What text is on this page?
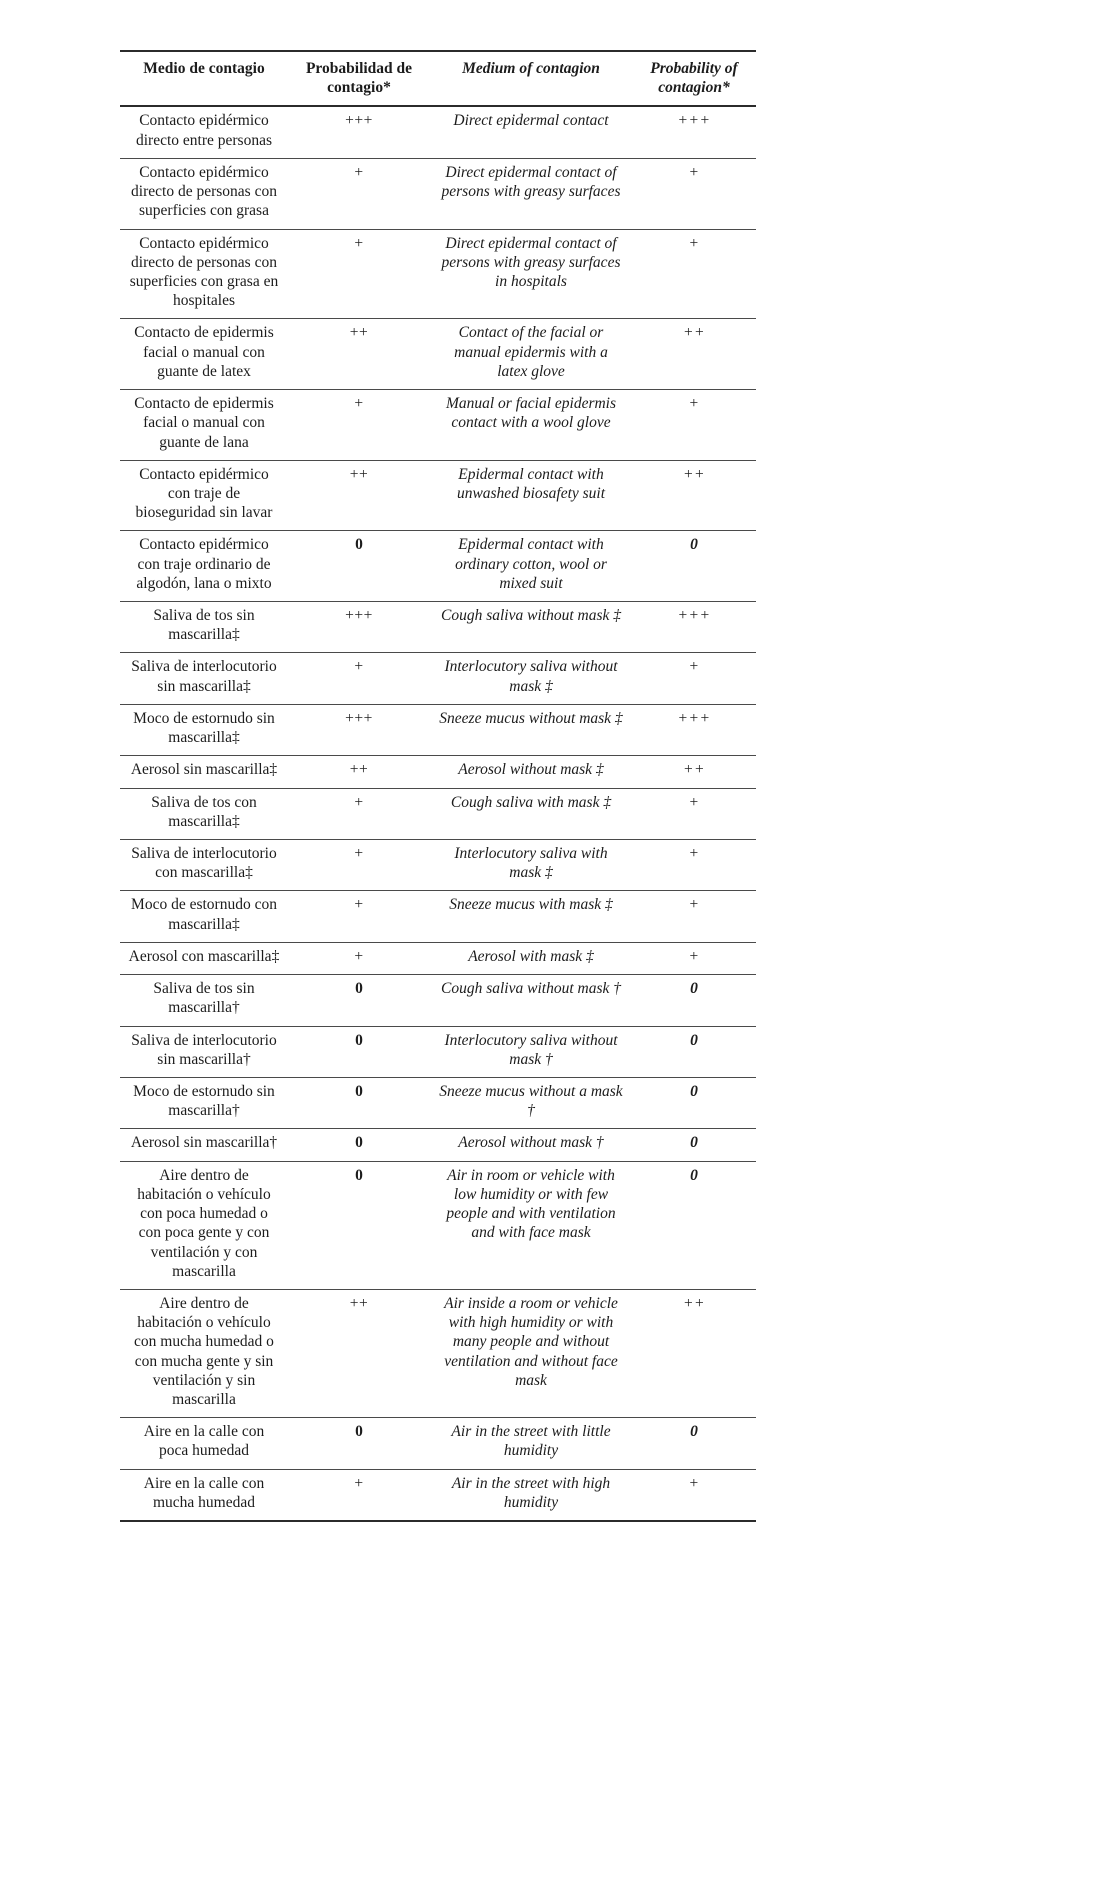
Medio de contagio	Probabilidad de contagio*	Medium of contagion	Probability of contagion*
Contacto epidérmico directo entre personas	+++	Direct epidermal contact	+++
Contacto epidérmico directo de personas con superficies con grasa	+	Direct epidermal contact of persons with greasy surfaces	+
Contacto epidérmico directo de personas con superficies con grasa en hospitales	+	Direct epidermal contact of persons with greasy surfaces in hospitals	+
Contacto de epidermis facial o manual con guante de latex	++	Contact of the facial or manual epidermis with a latex glove	++
Contacto de epidermis facial o manual con guante de lana	+	Manual or facial epidermis contact with a wool glove	+
Contacto epidérmico con traje de bioseguridad sin lavar	++	Epidermal contact with unwashed biosafety suit	++
Contacto epidérmico con traje ordinario de algodón, lana o mixto	0	Epidermal contact with ordinary cotton, wool or mixed suit	0
Saliva de tos sin mascarilla‡	+++	Cough saliva without mask ‡	+++
Saliva de interlocutorio sin mascarilla‡	+	Interlocutory saliva without mask ‡	+
Moco de estornudo sin mascarilla‡	+++	Sneeze mucus without mask ‡	+++
Aerosol sin mascarilla‡	++	Aerosol without mask ‡	++
Saliva de tos con mascarilla‡	+	Cough saliva with mask ‡	+
Saliva de interlocutorio con mascarilla‡	+	Interlocutory saliva with mask ‡	+
Moco de estornudo con mascarilla‡	+	Sneeze mucus with mask ‡	+
Aerosol con mascarilla‡	+	Aerosol with mask ‡	+
Saliva de tos sin mascarilla†	0	Cough saliva without mask †	0
Saliva de interlocutorio sin mascarilla†	0	Interlocutory saliva without mask †	0
Moco de estornudo sin mascarilla†	0	Sneeze mucus without a mask †	0
Aerosol sin mascarilla†	0	Aerosol without mask †	0
Aire dentro de habitación o vehículo con poca humedad o con poca gente y con ventilación y con mascarilla	0	Air in room or vehicle with low humidity or with few people and with ventilation and with face mask	0
Aire dentro de habitación o vehículo con mucha humedad o con mucha gente y sin ventilación y sin mascarilla	++	Air inside a room or vehicle with high humidity or with many people and without ventilation and without face mask	++
Aire en la calle con poca humedad	0	Air in the street with little humidity	0
Aire en la calle con mucha humedad	+	Air in the street with high humidity	+
